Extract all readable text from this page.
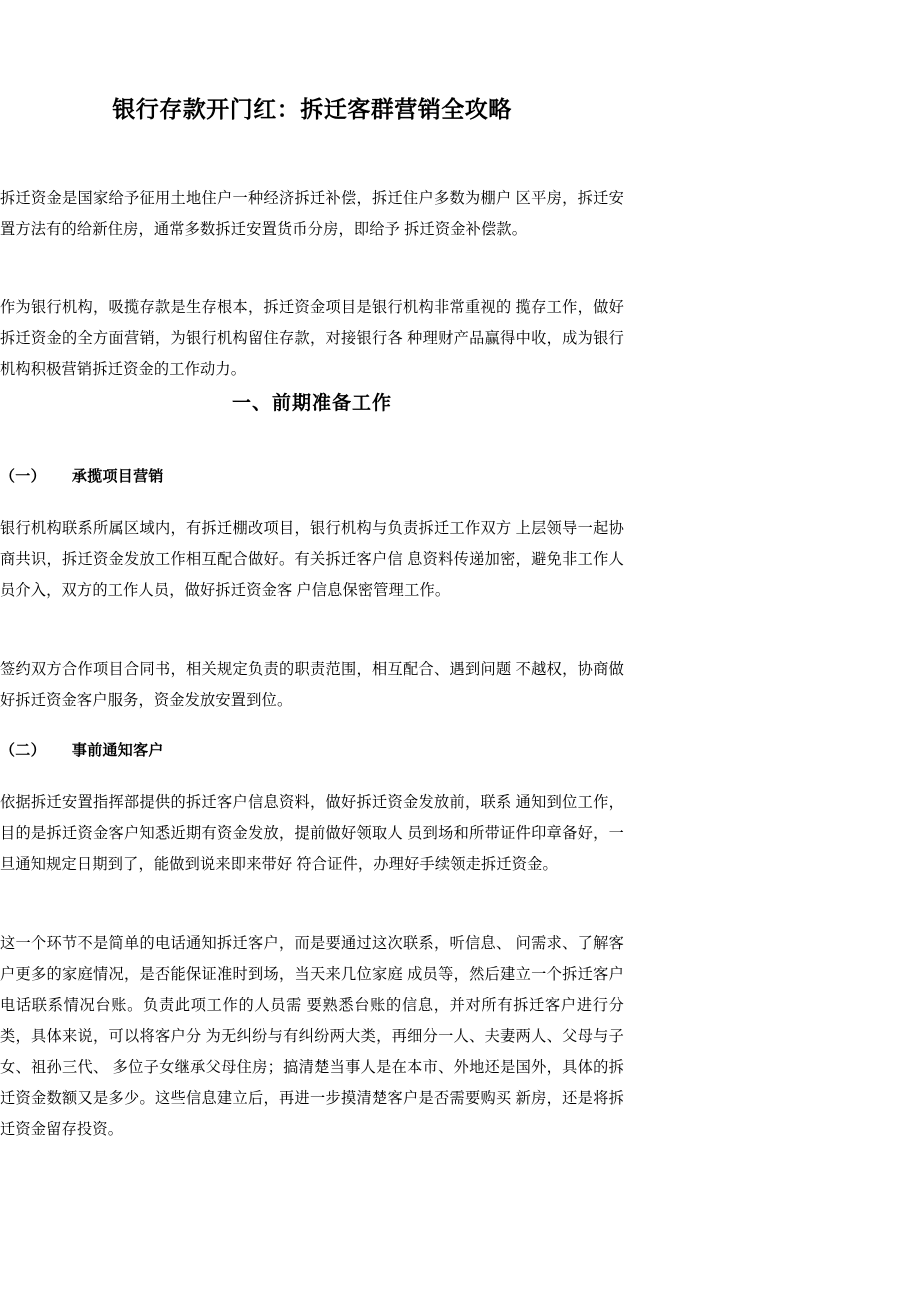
银行存款开门红：拆迁客群营销全攻略

拆迁资金是国家给予征用土地住户一种经济拆迁补偿，拆迁住户多数为棚户 区平房，拆迁安置方法有的给新住房，通常多数拆迁安置货币分房，即给予 拆迁资金补偿款。

作为银行机构，吸揽存款是生存根本，拆迁资金项目是银行机构非常重视的 揽存工作，做好拆迁资金的全方面营销，为银行机构留住存款，对接银行各 种理财产品赢得中收，成为银行机构积极营销拆迁资金的工作动力。

一、前期准备工作
（一） 承揽项目营销

银行机构联系所属区域内，有拆迁棚改项目，银行机构与负责拆迁工作双方 上层领导一起协商共识，拆迁资金发放工作相互配合做好。有关拆迁客户信 息资料传递加密，避免非工作人员介入，双方的工作人员，做好拆迁资金客 户信息保密管理工作。

签约双方合作项目合同书，相关规定负责的职责范围，相互配合、遇到问题 不越权，协商做好拆迁资金客户服务，资金发放安置到位。

（二） 事前通知客户

依据拆迁安置指挥部提供的拆迁客户信息资料，做好拆迁资金发放前，联系 通知到位工作，目的是拆迁资金客户知悉近期有资金发放，提前做好领取人 员到场和所带证件印章备好，一旦通知规定日期到了，能做到说来即来带好 符合证件，办理好手续领走拆迁资金。

这一个环节不是简单的电话通知拆迁客户，而是要通过这次联系，听信息、 问需求、了解客户更多的家庭情况，是否能保证准时到场，当天来几位家庭 成员等，然后建立一个拆迁客户电话联系情况台账。负责此项工作的人员需 要熟悉台账的信息，并对所有拆迁客户进行分类，具体来说，可以将客户分 为无纠纷与有纠纷两大类，再细分一人、夫妻两人、父母与子女、祖孙三代、 多位子女继承父母住房；搞清楚当事人是在本市、外地还是国外，具体的拆 迁资金数额又是多少。这些信息建立后，再进一步摸清楚客户是否需要购买 新房，还是将拆迁资金留存投资。
